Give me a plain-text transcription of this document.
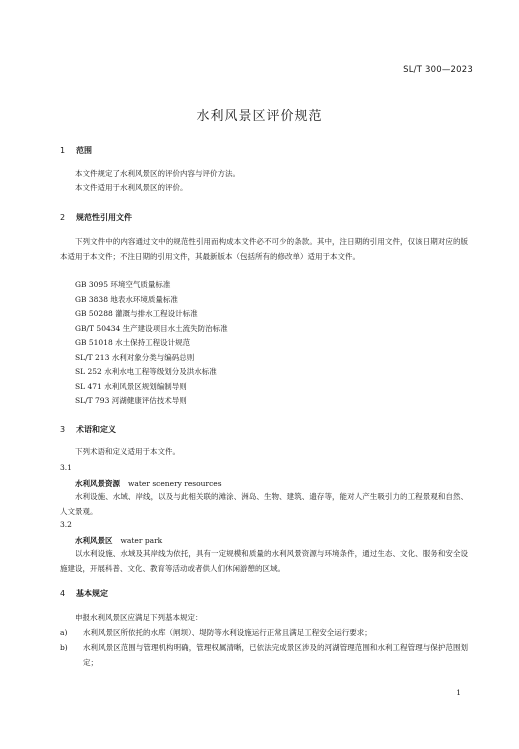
SL/T 300—2023
水利风景区评价规范
1 范围
本文件规定了水利风景区的评价内容与评价方法。
本文件适用于水利风景区的评价。
2 规范性引用文件
下列文件中的内容通过文中的规范性引用而构成本文件必不可少的条款。其中，注日期的引用文件，仅该日期对应的版本适用于本文件；不注日期的引用文件，其最新版本（包括所有的修改单）适用于本文件。
GB 3095 环境空气质量标准
GB 3838 地表水环境质量标准
GB 50288 灌溉与排水工程设计标准
GB/T 50434 生产建设项目水土流失防治标准
GB 51018 水土保持工程设计规范
SL/T 213 水利对象分类与编码总则
SL 252 水利水电工程等级划分及洪水标准
SL 471 水利风景区规划编制导则
SL/T 793 河湖健康评估技术导则
3 术语和定义
下列术语和定义适用于本文件。
3.1
水利风景资源 water scenery resources
水利设施、水域、岸线，以及与此相关联的滩涂、洲岛、生物、建筑、遗存等，能对人产生吸引力的工程景观和自然、人文景观。
3.2
水利风景区 water park
以水利设施、水域及其岸线为依托，具有一定规模和质量的水利风景资源与环境条件，通过生态、文化、服务和安全设施建设，开展科普、文化、教育等活动或者供人们休闲游憩的区域。
4 基本规定
申报水利风景区应满足下列基本规定：
a) 水利风景区所依托的水库（闸坝）、堤防等水利设施运行正常且满足工程安全运行要求；
b) 水利风景区范围与管理机构明确，管理权属清晰，已依法完成景区涉及的河湖管理范围和水利工程管理与保护范围划定；
1
